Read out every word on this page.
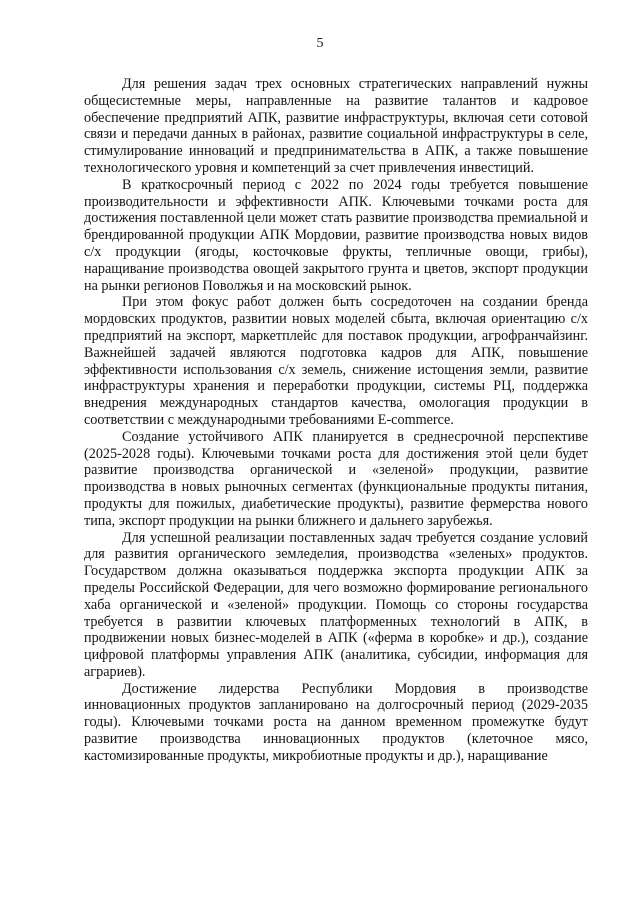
5

Для решения задач трех основных стратегических направлений нужны общесистемные меры, направленные на развитие талантов и кадровое обеспечение предприятий АПК, развитие инфраструктуры, включая сети сотовой связи и передачи данных в районах, развитие социальной инфраструктуры в селе, стимулирование инноваций и предпринимательства в АПК, а также повышение технологического уровня и компетенций за счет привлечения инвестиций.

В краткосрочный период с 2022 по 2024 годы требуется повышение производительности и эффективности АПК. Ключевыми точками роста для достижения поставленной цели может стать развитие производства премиальной и брендированной продукции АПК Мордовии, развитие производства новых видов с/х продукции (ягоды, косточковые фрукты, тепличные овощи, грибы), наращивание производства овощей закрытого грунта и цветов, экспорт продукции на рынки регионов Поволжья и на московский рынок.

При этом фокус работ должен быть сосредоточен на создании бренда мордовских продуктов, развитии новых моделей сбыта, включая ориентацию с/х предприятий на экспорт, маркетплейс для поставок продукции, агрофранчайзинг. Важнейшей задачей являются подготовка кадров для АПК, повышение эффективности использования с/х земель, снижение истощения земли, развитие инфраструктуры хранения и переработки продукции, системы РЦ, поддержка внедрения международных стандартов качества, омологация продукции в соответствии с международными требованиями E-commerce.

Создание устойчивого АПК планируется в среднесрочной перспективе (2025-2028 годы). Ключевыми точками роста для достижения этой цели будет развитие производства органической и «зеленой» продукции, развитие производства в новых рыночных сегментах (функциональные продукты питания, продукты для пожилых, диабетические продукты), развитие фермерства нового типа, экспорт продукции на рынки ближнего и дальнего зарубежья.

Для успешной реализации поставленных задач требуется создание условий для развития органического земледелия, производства «зеленых» продуктов. Государством должна оказываться поддержка экспорта продукции АПК за пределы Российской Федерации, для чего возможно формирование регионального хаба органической и «зеленой» продукции. Помощь со стороны государства требуется в развитии ключевых платформенных технологий в АПК, в продвижении новых бизнес-моделей в АПК («ферма в коробке» и др.), создание цифровой платформы управления АПК (аналитика, субсидии, информация для аграриев).

Достижение лидерства Республики Мордовия в производстве инновационных продуктов запланировано на долгосрочный период (2029-2035 годы). Ключевыми точками роста на данном временном промежутке будут развитие производства инновационных продуктов (клеточное мясо, кастомизированные продукты, микробиотные продукты и др.), наращивание
